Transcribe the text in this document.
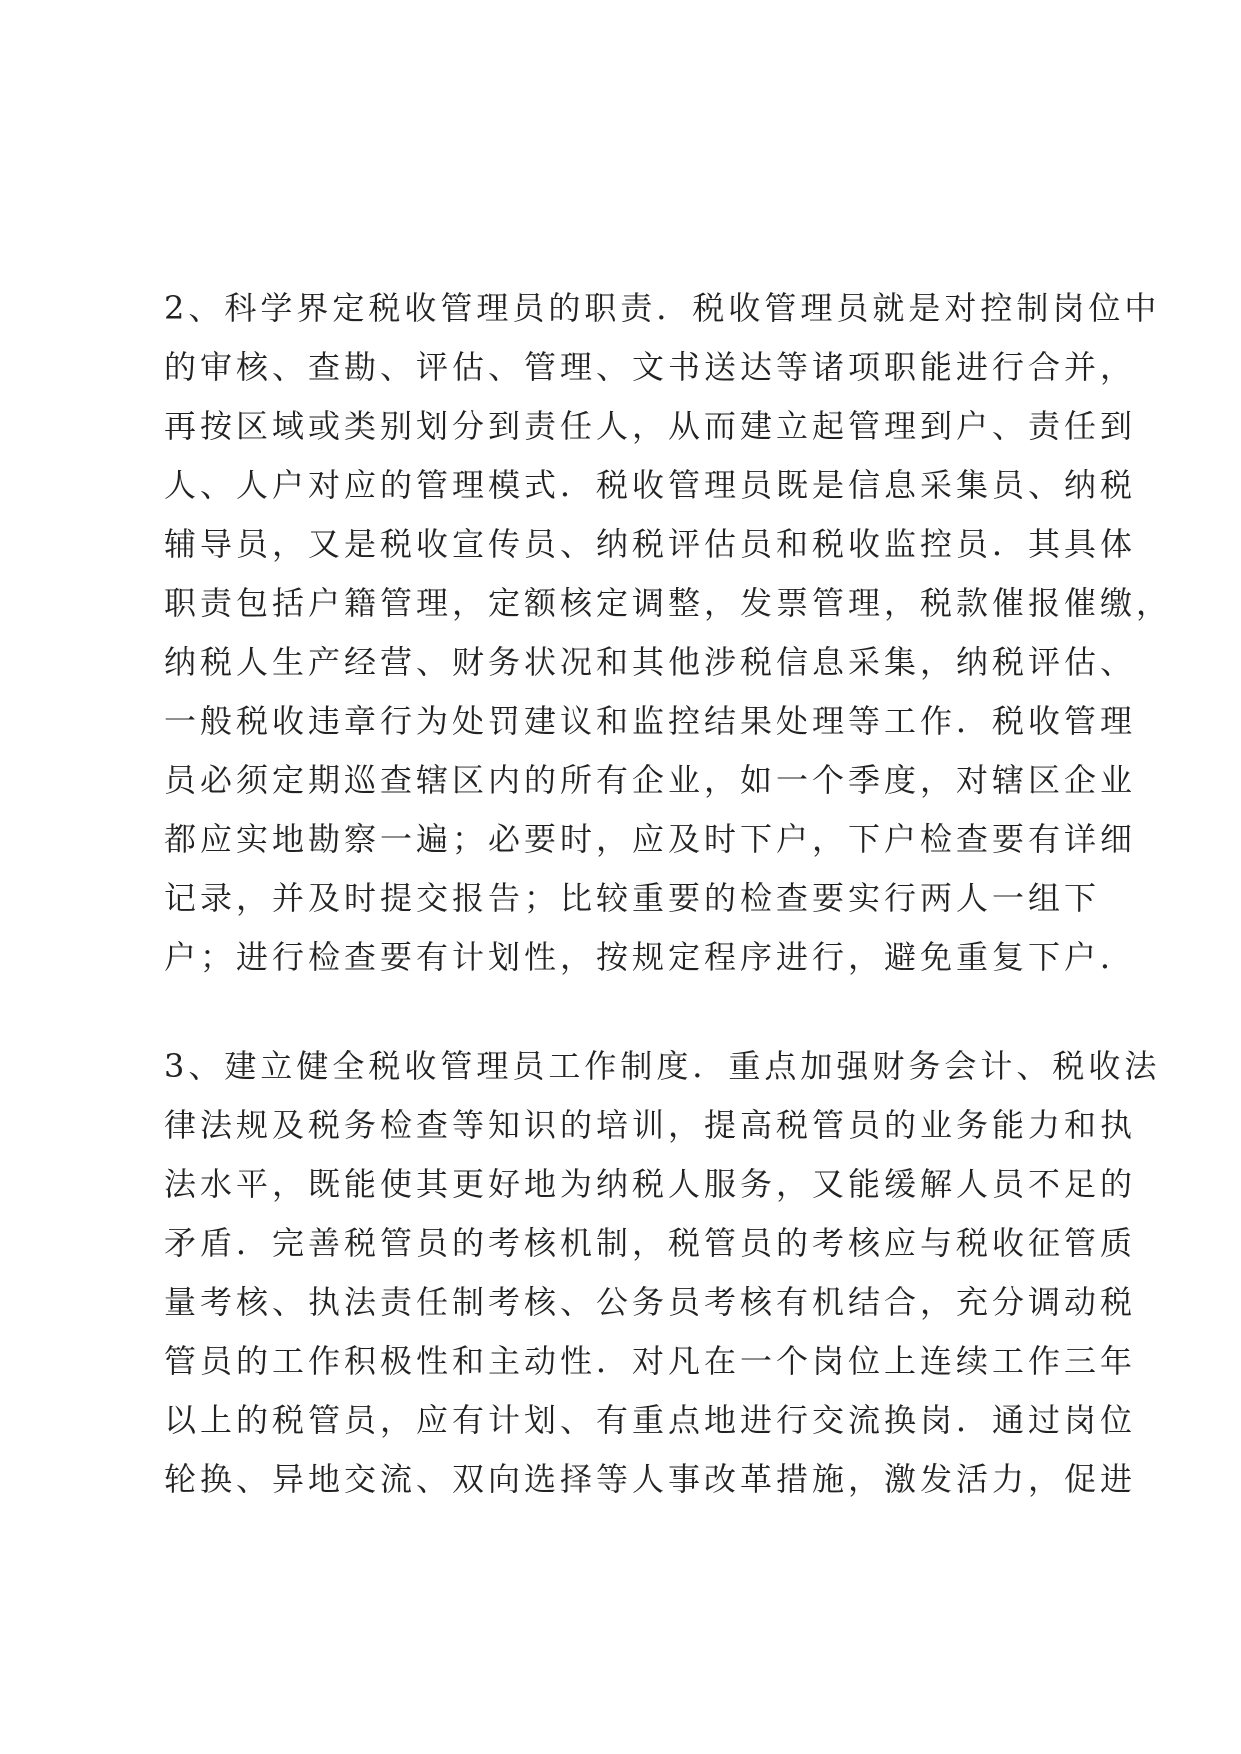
2、科学界定税收管理员的职责．税收管理员就是对控制岗位中
的审核、查勘、评估、管理、文书送达等诸项职能进行合并，
再按区域或类别划分到责任人，从而建立起管理到户、责任到
人、人户对应的管理模式．税收管理员既是信息采集员、纳税
辅导员，又是税收宣传员、纳税评估员和税收监控员．其具体
职责包括户籍管理，定额核定调整，发票管理，税款催报催缴，
纳税人生产经营、财务状况和其他涉税信息采集，纳税评估、
一般税收违章行为处罚建议和监控结果处理等工作．税收管理
员必须定期巡查辖区内的所有企业，如一个季度，对辖区企业
都应实地勘察一遍；必要时，应及时下户，下户检查要有详细
记录，并及时提交报告；比较重要的检查要实行两人一组下
户；进行检查要有计划性，按规定程序进行，避免重复下户．
3、建立健全税收管理员工作制度．重点加强财务会计、税收法
律法规及税务检查等知识的培训，提高税管员的业务能力和执
法水平，既能使其更好地为纳税人服务，又能缓解人员不足的
矛盾．完善税管员的考核机制，税管员的考核应与税收征管质
量考核、执法责任制考核、公务员考核有机结合，充分调动税
管员的工作积极性和主动性．对凡在一个岗位上连续工作三年
以上的税管员，应有计划、有重点地进行交流换岗．通过岗位
轮换、异地交流、双向选择等人事改革措施，激发活力，促进
